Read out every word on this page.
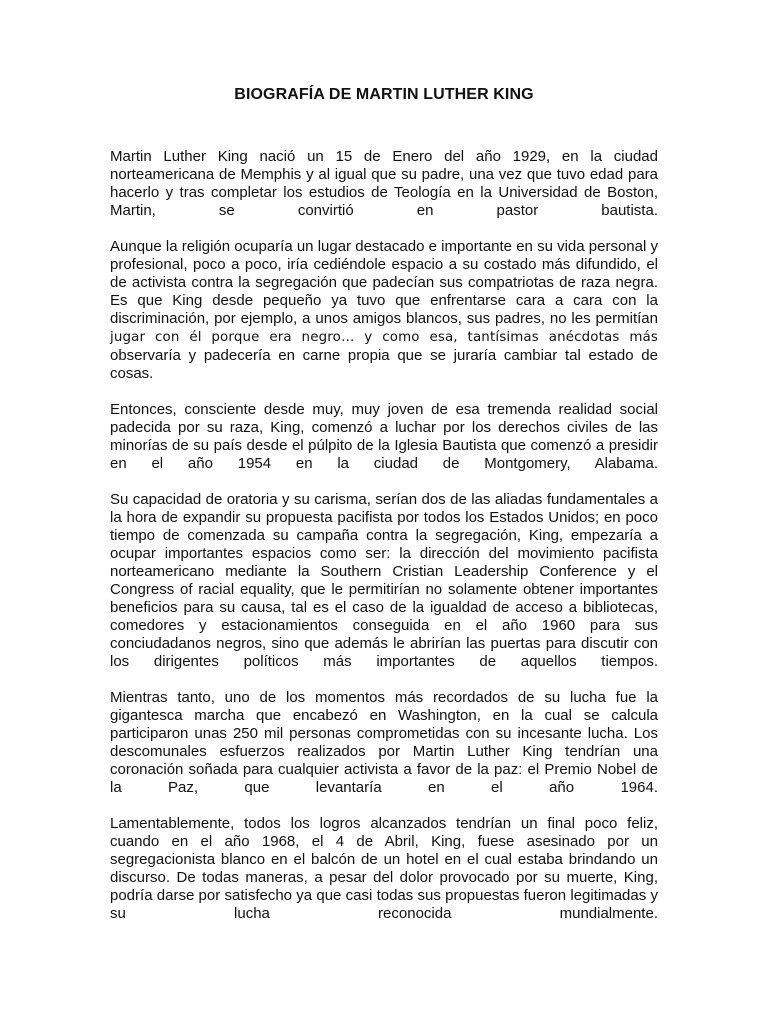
BIOGRAFÍA DE MARTIN LUTHER KING

Martin Luther King nació un 15 de Enero del año 1929, en la ciudad norteamericana de Memphis y al igual que su padre, una vez que tuvo edad para hacerlo y tras completar los estudios de Teología en la Universidad de Boston, Martin, se convirtió en pastor bautista.

Aunque la religión ocuparía un lugar destacado e importante en su vida personal y profesional, poco a poco, iría cediéndole espacio a su costado más difundido, el de activista contra la segregación que padecían sus compatriotas de raza negra. Es que King desde pequeño ya tuvo que enfrentarse cara a cara con la discriminación, por ejemplo, a unos amigos blancos, sus padres, no les permitían jugar con él porque era negro… y como esa, tantísimas anécdotas más observaría y padecería en carne propia que se juraría cambiar tal estado de cosas.

Entonces, consciente desde muy, muy joven de esa tremenda realidad social padecida por su raza, King, comenzó a luchar por los derechos civiles de las minorías de su país desde el púlpito de la Iglesia Bautista que comenzó a presidir en el año 1954 en la ciudad de Montgomery, Alabama.

Su capacidad de oratoria y su carisma, serían dos de las aliadas fundamentales a la hora de expandir su propuesta pacifista por todos los Estados Unidos; en poco tiempo de comenzada su campaña contra la segregación, King, empezaría a ocupar importantes espacios como ser: la dirección del movimiento pacifista norteamericano mediante la Southern Cristian Leadership Conference y el Congress of racial equality, que le permitirían no solamente obtener importantes beneficios para su causa, tal es el caso de la igualdad de acceso a bibliotecas, comedores y estacionamientos conseguida en el año 1960 para sus conciudadanos negros, sino que además le abrirían las puertas para discutir con los dirigentes políticos más importantes de aquellos tiempos.

Mientras tanto, uno de los momentos más recordados de su lucha fue la gigantesca marcha que encabezó en Washington, en la cual se calcula participaron unas 250 mil personas comprometidas con su incesante lucha. Los descomunales esfuerzos realizados por Martin Luther King tendrían una coronación soñada para cualquier activista a favor de la paz: el Premio Nobel de la Paz, que levantaría en el año 1964.

Lamentablemente, todos los logros alcanzados tendrían un final poco feliz, cuando en el año 1968, el 4 de Abril, King, fuese asesinado por un segregacionista blanco en el balcón de un hotel en el cual estaba brindando un discurso. De todas maneras, a pesar del dolor provocado por su muerte, King, podría darse por satisfecho ya que casi todas sus propuestas fueron legitimadas y su lucha reconocida mundialmente.
